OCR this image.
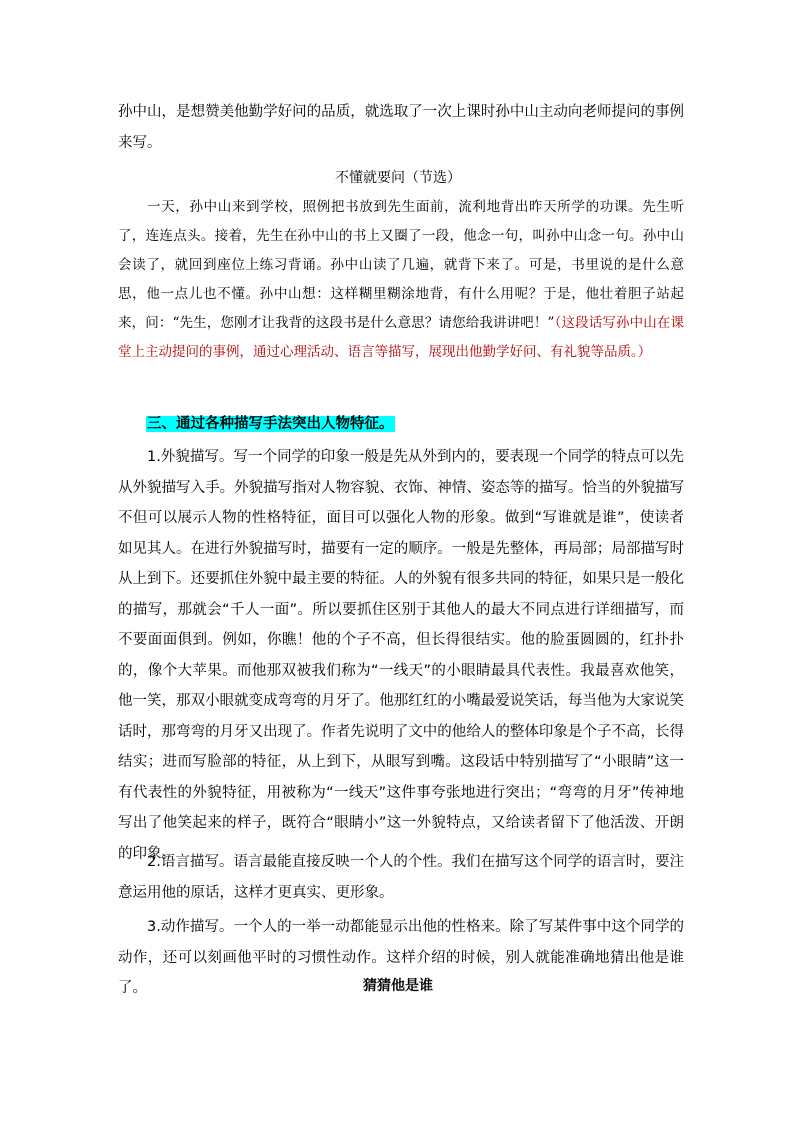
孙中山，是想赞美他勤学好问的品质，就选取了一次上课时孙中山主动向老师提问的事例来写。

不懂就要问（节选）

一天，孙中山来到学校，照例把书放到先生面前，流利地背出昨天所学的功课。先生听了，连连点头。接着，先生在孙中山的书上又圈了一段，他念一句，叫孙中山念一句。孙中山会读了，就回到座位上练习背诵。孙中山读了几遍，就背下来了。可是，书里说的是什么意思，他一点儿也不懂。孙中山想：这样糊里糊涂地背，有什么用呢？于是，他壮着胆子站起来，问：“先生，您刚才让我背的这段书是什么意思？请您给我讲讲吧！”（这段话写孙中山在课堂上主动提问的事例，通过心理活动、语言等描写，展现出他勤学好问、有礼貌等品质。）

三、通过各种描写手法突出人物特征。

1.外貌描写。写一个同学的印象一般是先从外到内的，要表现一个同学的特点可以先从外貌描写入手。外貌描写指对人物容貌、衣饰、神情、姿态等的描写。恰当的外貌描写不但可以展示人物的性格特征，面目可以强化人物的形象。做到“写谁就是谁”，使读者如见其人。在进行外貌描写时，描要有一定的顺序。一般是先整体，再局部；局部描写时从上到下。还要抓住外貌中最主要的特征。人的外貌有很多共同的特征，如果只是一般化的描写，那就会“千人一面”。所以要抓住区别于其他人的最大不同点进行详细描写，而不要面面俱到。例如，你瞧！他的个子不高，但长得很结实。他的脸蛋圆圆的，红扑扑的，像个大苹果。而他那双被我们称为“一线天”的小眼睛最具代表性。我最喜欢他笑，他一笑，那双小眼就变成弯弯的月牙了。他那红红的小嘴最爱说笑话，每当他为大家说笑话时，那弯弯的月牙又出现了。作者先说明了文中的他给人的整体印象是个子不高，长得结实；进而写脸部的特征，从上到下，从眼写到嘴。这段话中特别描写了“小眼睛”这一有代表性的外貌特征，用被称为“一线天”这件事夸张地进行突出；“弯弯的月牙”传神地写出了他笑起来的样子，既符合“眼睛小”这一外貌特点，又给读者留下了他活泼、开朗的印象。

2.语言描写。语言最能直接反映一个人的个性。我们在描写这个同学的语言时，要注意运用他的原话，这样才更真实、更形象。

3.动作描写。一个人的一举一动都能显示出他的性格来。除了写某件事中这个同学的动作，还可以刻画他平时的习惯性动作。这样介绍的时候，别人就能准确地猜出他是谁了。	猜猜他是谁
